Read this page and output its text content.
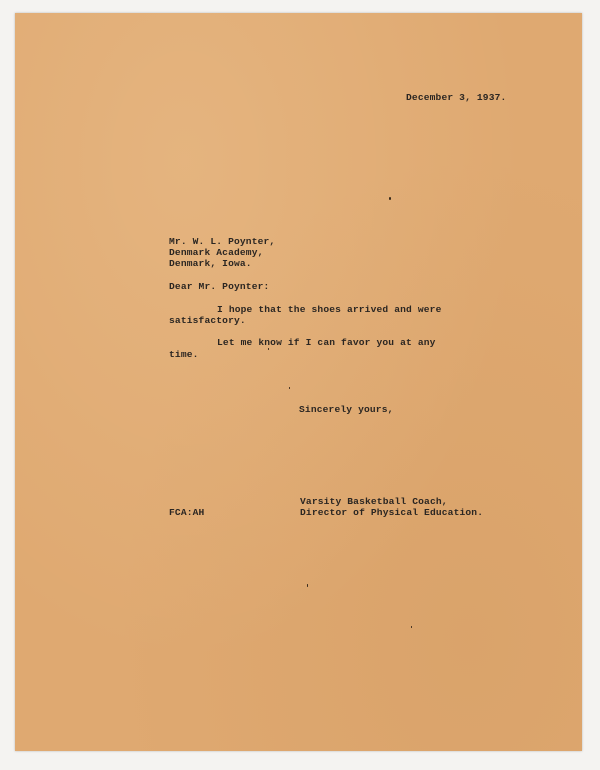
December 3, 1937.
Mr. W. L. Poynter,
Denmark Academy,
Denmark, Iowa.
Dear Mr. Poynter:
I hope that the shoes arrived and were
satisfactory.
Let me know if I can favor you at any
time.
Sincerely yours,
Varsity Basketball Coach,
Director of Physical Education.
FCA:AH
